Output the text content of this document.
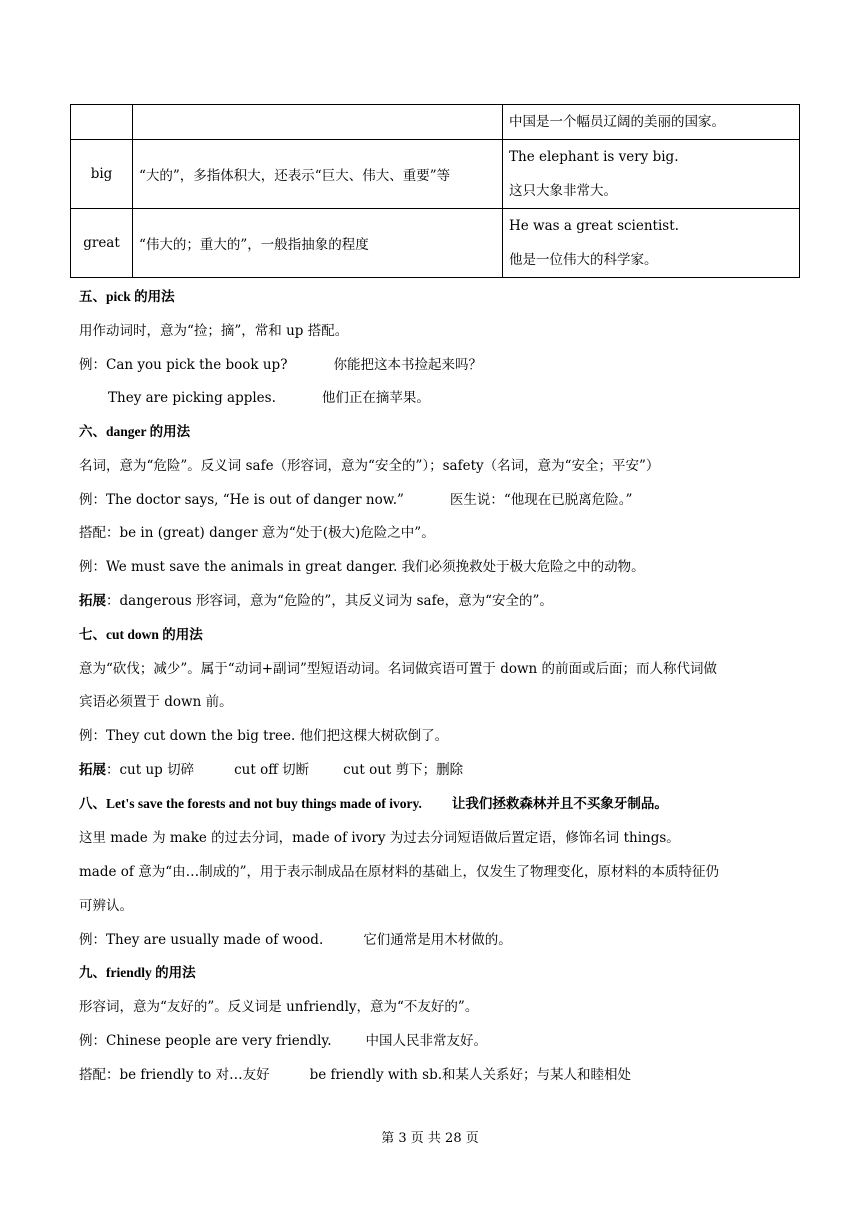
		中国是一个幅员辽阔的美丽的国家。

big	“大的”，多指体积大，还表示“巨大、伟大、重要”等	The elephant is very big.
这只大象非常大。

great	“伟大的；重大的”，一般指抽象的程度	He was a great scientist.
他是一位伟大的科学家。
五、pick 的用法
用作动词时，意为“捡；摘”，常和 up 搭配。
例：Can you pick the book up?	你能把这本书捡起来吗？
They are picking apples.	他们正在摘苹果。
六、danger 的用法
名词，意为“危险”。反义词 safe（形容词，意为“安全的”）；safety（名词，意为“安全；平安”）
例：The doctor says, “He is out of danger now.”	医生说：“他现在已脱离危险。”
搭配：be in (great) danger 意为“处于(极大)危险之中”。
例：We must save the animals in great danger. 我们必须挽救处于极大危险之中的动物。
拓展：dangerous 形容词，意为“危险的”，其反义词为 safe，意为“安全的”。
七、cut down 的用法
意为“砍伐；减少”。属于“动词+副词”型短语动词。名词做宾语可置于 down 的前面或后面；而人称代词做
宾语必须置于 down 前。
例：They cut down the big tree. 他们把这棵大树砍倒了。
拓展：cut up 切碎	cut off 切断	cut out 剪下；删除
八、Let's save the forests and not buy things made of ivory. 让我们拯救森林并且不买象牙制品。
这里 made 为 make 的过去分词，made of ivory 为过去分词短语做后置定语，修饰名词 things。
made of 意为“由…制成的”，用于表示制成品在原材料的基础上，仅发生了物理变化，原材料的本质特征仍
可辨认。
例：They are usually made of wood.	它们通常是用木材做的。
九、friendly 的用法
形容词，意为“友好的”。反义词是 unfriendly，意为“不友好的”。
例：Chinese people are very friendly.	中国人民非常友好。
搭配：be friendly to 对…友好	be friendly with sb.和某人关系好；与某人和睦相处
第 3 页 共 28 页
